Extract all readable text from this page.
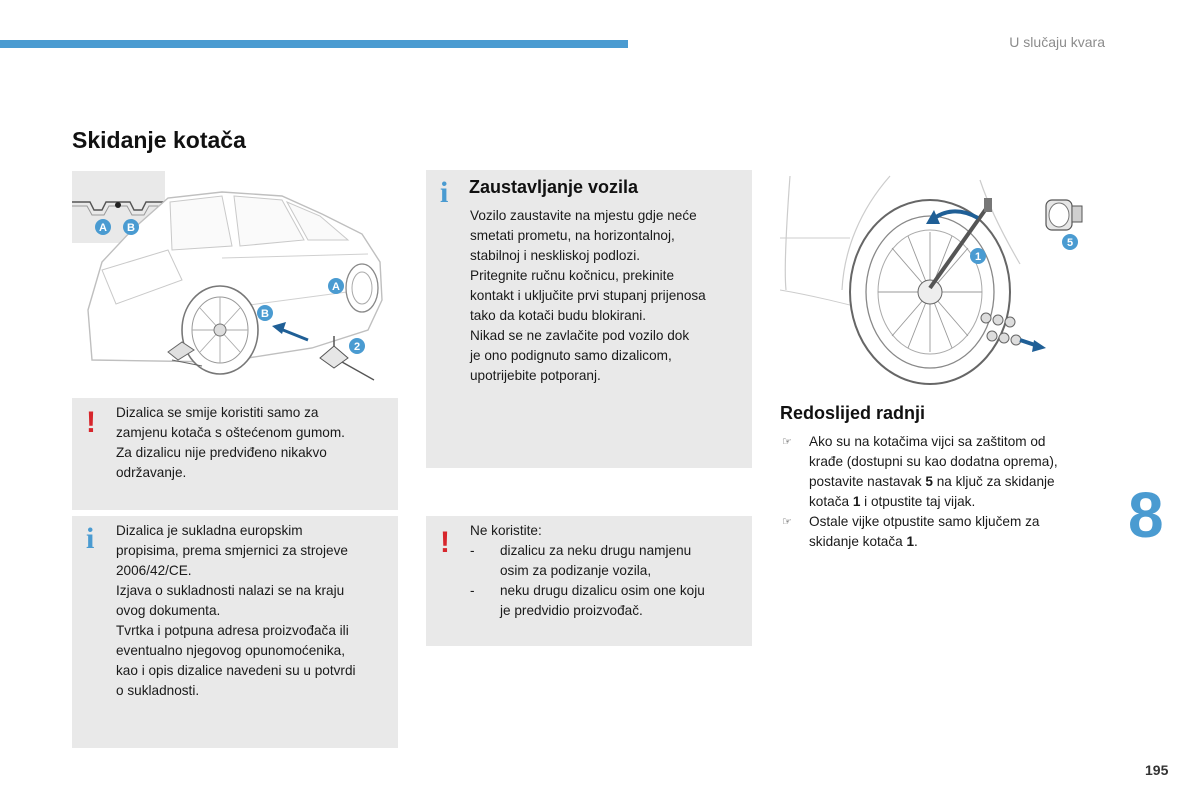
U slučaju kvara
Skidanje kotača
A B
A
B
2
1
5
! Dizalica se smije koristiti samo za

zamjenu kotača s oštećenom gumom.

Za dizalicu nije predviđeno nikakvo

održavanje.

i Dizalica je sukladna europskim

propisima, prema smjernici za strojeve

2006/42/CE.

Izjava o sukladnosti nalazi se na kraju

ovog dokumenta.

Tvrtka i potpuna adresa proizvođača ili

eventualno njegovog opunomoćenika,

kao i opis dizalice navedeni su u potvrdi

o sukladnosti.

i Zaustavljanje vozila

Vozilo zaustavite na mjestu gdje neće

smetati prometu, na horizontalnoj,

stabilnoj i neskliskoj podlozi.

Pritegnite ručnu kočnicu, prekinite

kontakt i uključite prvi stupanj prijenosa

tako da kotači budu blokirani.

Nikad se ne zavlačite pod vozilo dok

je ono podignuto samo dizalicom,

upotrijebite potporanj.

! Ne koristite:

- dizalicu za neku drugu namjenu
osim za podizanje vozila,
- neku drugu dizalicu osim one koju
je predvidio proizvođač.
Redoslijed radnji
☞ Ako su na kotačima vijci sa zaštitom od
krađe (dostupni su kao dodatna oprema),
postavite nastavak 5 na ključ za skidanje
kotača 1 i otpustite taj vijak.
☞ Ostale vijke otpustite samo ključem za
skidanje kotača 1.	8
195
